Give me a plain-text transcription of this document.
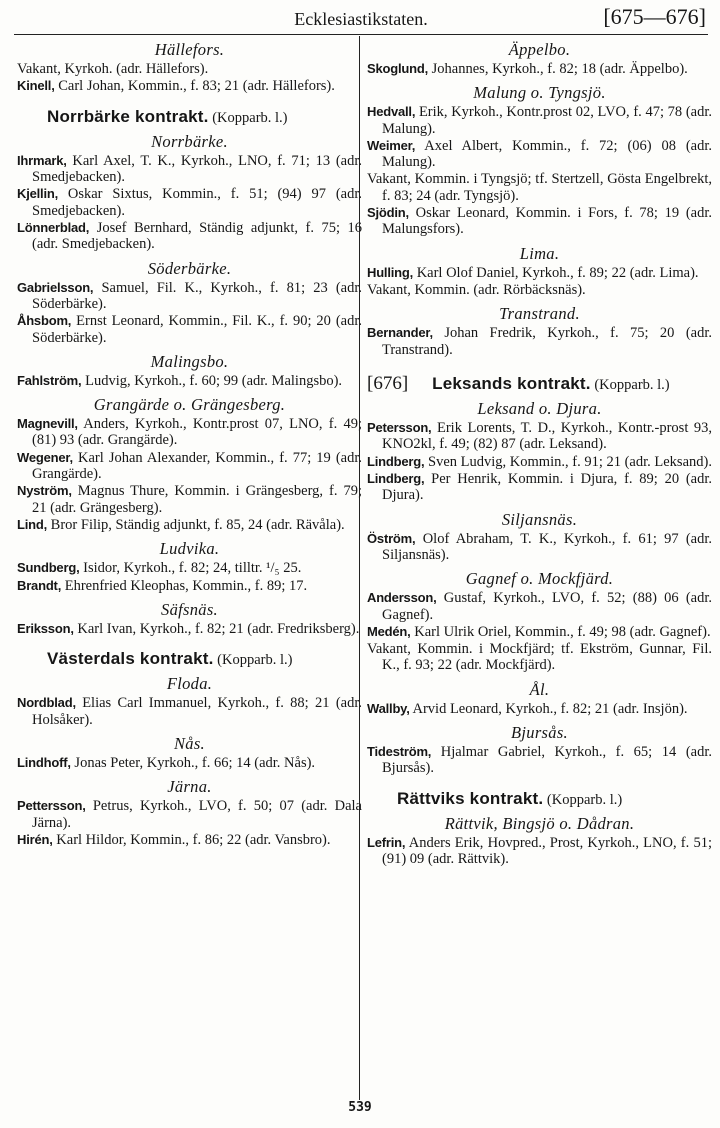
Ecklesiastikstaten.	[675—676]
Hällefors.
Vakant, Kyrkoh. (adr. Hällefors).
Kinell, Carl Johan, Kommin., f. 83; 21 (adr. Hällefors).
Norrbärke kontrakt. (Kopparb. l.)
Norrbärke.
Ihrmark, Karl Axel, T. K., Kyrkoh., LNO, f. 71; 13 (adr. Smedjebacken).
Kjellin, Oskar Sixtus, Kommin., f. 51; (94) 97 (adr. Smedjebacken).
Lönnerblad, Josef Bernhard, Ständig adjunkt, f. 75; 16 (adr. Smedjebacken).
Söderbärke.
Gabrielsson, Samuel, Fil. K., Kyrkoh., f. 81; 23 (adr. Söderbärke).
Åhsbom, Ernst Leonard, Kommin., Fil. K., f. 90; 20 (adr. Söderbärke).
Malingsbo.
Fahlström, Ludvig, Kyrkoh., f. 60; 99 (adr. Malingsbo).
Grangärde o. Grängesberg.
Magnevill, Anders, Kyrkoh., Kontr.prost 07, LNO, f. 49; (81) 93 (adr. Grangärde).
Wegener, Karl Johan Alexander, Kommin., f. 77; 19 (adr. Grangärde).
Nyström, Magnus Thure, Kommin. i Grängesberg, f. 79; 21 (adr. Grängesberg).
Lind, Bror Filip, Ständig adjunkt, f. 85, 24 (adr. Rävåla).
Ludvika.
Sundberg, Isidor, Kyrkoh., f. 82; 24, tilltr. ¹/₅ 25.
Brandt, Ehrenfried Kleophas, Kommin., f. 89; 17.
Säfsnäs.
Eriksson, Karl Ivan, Kyrkoh., f. 82; 21 (adr. Fredriksberg).
Västerdals kontrakt. (Kopparb. l.)
Floda.
Nordblad, Elias Carl Immanuel, Kyrkoh., f. 88; 21 (adr. Holsåker).
Nås.
Lindhoff, Jonas Peter, Kyrkoh., f. 66; 14 (adr. Nås).
Järna.
Pettersson, Petrus, Kyrkoh., LVO, f. 50; 07 (adr. Dala Järna).
Hirén, Karl Hildor, Kommin., f. 86; 22 (adr. Vansbro).
Äppelbo.
Skoglund, Johannes, Kyrkoh., f. 82; 18 (adr. Äppelbo).
Malung o. Tyngsjö.
Hedvall, Erik, Kyrkoh., Kontr.prost 02, LVO, f. 47; 78 (adr. Malung).
Weimer, Axel Albert, Kommin., f. 72; (06) 08 (adr. Malung).
Vakant, Kommin. i Tyngsjö; tf. Stertzell, Gösta Engelbrekt, f. 83; 24 (adr. Tyngsjö).
Sjödin, Oskar Leonard, Kommin. i Fors, f. 78; 19 (adr. Malungsfors).
Lima.
Hulling, Karl Olof Daniel, Kyrkoh., f. 89; 22 (adr. Lima).
Vakant, Kommin. (adr. Rörbäcksnäs).
Transtrand.
Bernander, Johan Fredrik, Kyrkoh., f. 75; 20 (adr. Transtrand).
[676] Leksands kontrakt. (Kopparb. l.)
Leksand o. Djura.
Petersson, Erik Lorents, T. D., Kyrkoh., Kontr.-prost 93, KNO2kl, f. 49; (82) 87 (adr. Leksand).
Lindberg, Sven Ludvig, Kommin., f. 91; 21 (adr. Leksand).
Lindberg, Per Henrik, Kommin. i Djura, f. 89; 20 (adr. Djura).
Siljansnäs.
Öström, Olof Abraham, T. K., Kyrkoh., f. 61; 97 (adr. Siljansnäs).
Gagnef o. Mockfjärd.
Andersson, Gustaf, Kyrkoh., LVO, f. 52; (88) 06 (adr. Gagnef).
Medén, Karl Ulrik Oriel, Kommin., f. 49; 98 (adr. Gagnef).
Vakant, Kommin. i Mockfjärd; tf. Ekström, Gunnar, Fil. K., f. 93; 22 (adr. Mockfjärd).
Ål.
Wallby, Arvid Leonard, Kyrkoh., f. 82; 21 (adr. Insjön).
Bjursås.
Tideström, Hjalmar Gabriel, Kyrkoh., f. 65; 14 (adr. Bjursås).
Rättviks kontrakt. (Kopparb. l.)
Rättvik, Bingsjö o. Dådran.
Lefrin, Anders Erik, Hovpred., Prost, Kyrkoh., LNO, f. 51; (91) 09 (adr. Rättvik).
539
